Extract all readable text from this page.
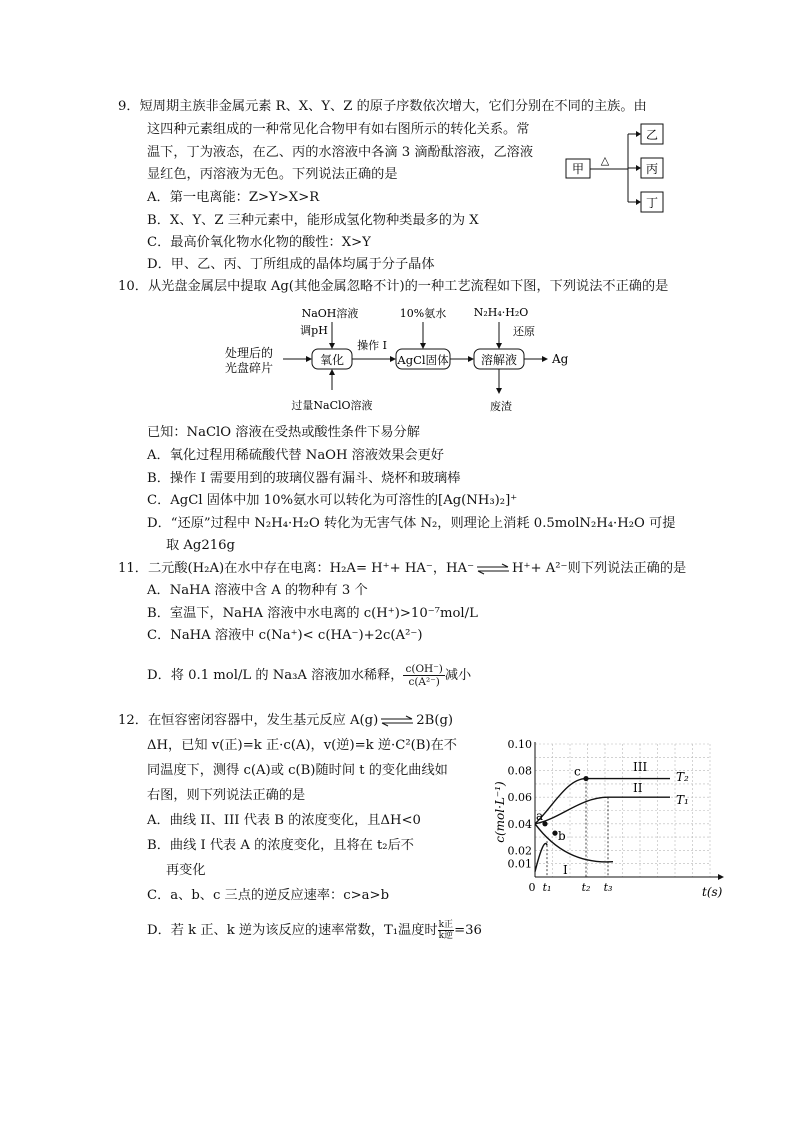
9．短周期主族非金属元素 R、X、Y、Z 的原子序数依次增大，它们分别在不同的主族。由
这四种元素组成的一种常见化合物甲有如右图所示的转化关系。常
温下，丁为液态，在乙、丙的水溶液中各滴 3 滴酚酞溶液，乙溶液
显红色，丙溶液为无色。下列说法正确的是
A．第一电离能：Z>Y>X>R
B．X、Y、Z 三种元素中，能形成氢化物种类最多的为 X
C．最高价氧化物水化物的酸性：X>Y
D．甲、乙、丙、丁所组成的晶体均属于分子晶体
甲
△
乙
丙
丁
10．从光盘金属层中提取 Ag(其他金属忽略不计)的一种工艺流程如下图，下列说法不正确的是
处理后的
光盘碎片
氧化
NaOH溶液
调pH
过量NaClO溶液
操作 I
AgCl固体
10%氨水
溶解液
N₂H₄·H₂O
还原
废渣
Ag
已知：NaClO 溶液在受热或酸性条件下易分解
A．氧化过程用稀硫酸代替 NaOH 溶液效果会更好
B．操作 I 需要用到的玻璃仪器有漏斗、烧杯和玻璃棒
C．AgCl 固体中加 10%氨水可以转化为可溶性的[Ag(NH₃)₂]⁺
D．“还原”过程中 N₂H₄·H₂O 转化为无害气体 N₂，则理论上消耗 0.5molN₂H₄·H₂O 可提
取 Ag216g
11．二元酸(H₂A)在水中存在电离：H₂A= H⁺+ HA⁻，HA⁻ ⇌ H⁺+ A²⁻则下列说法正确的是
A．NaHA 溶液中含 A 的物种有 3 个
B．室温下，NaHA 溶液中水电离的 c(H⁺)>10⁻⁷mol/L
C．NaHA 溶液中 c(Na⁺)< c(HA⁻)+2c(A²⁻)
D．将 0.1 mol/L 的 Na₃A 溶液加水稀释， $\frac{c(OH^-)}{\text{c(A²⁻)}}$ 减小
12．在恒容密闭容器中，发生基元反应 A(g) ⇌ 2B(g)
ΔH，已知 v(正)=k 正·c(A)，v(逆)=k 逆·C²(B)在不
同温度下，测得 c(A)或 c(B)随时间 t 的变化曲线如
右图，则下列说法正确的是
A．曲线 II、III 代表 B 的浓度变化，且ΔH<0
B．曲线 I 代表 A 的浓度变化，且将在 t₂后不
再变化
C．a、b、c 三点的逆反应速率：c>a>b
D．若 k 正、k 逆为该反应的速率常数，T₁温度时 k正
k逆 =36
0.01
0.02
0.04
0.06
0.08
0.10
0 t₁	t₂ t₃
a
b
c
c(mol·L⁻¹)
t(s)
III
II
I
T₂
T₁
